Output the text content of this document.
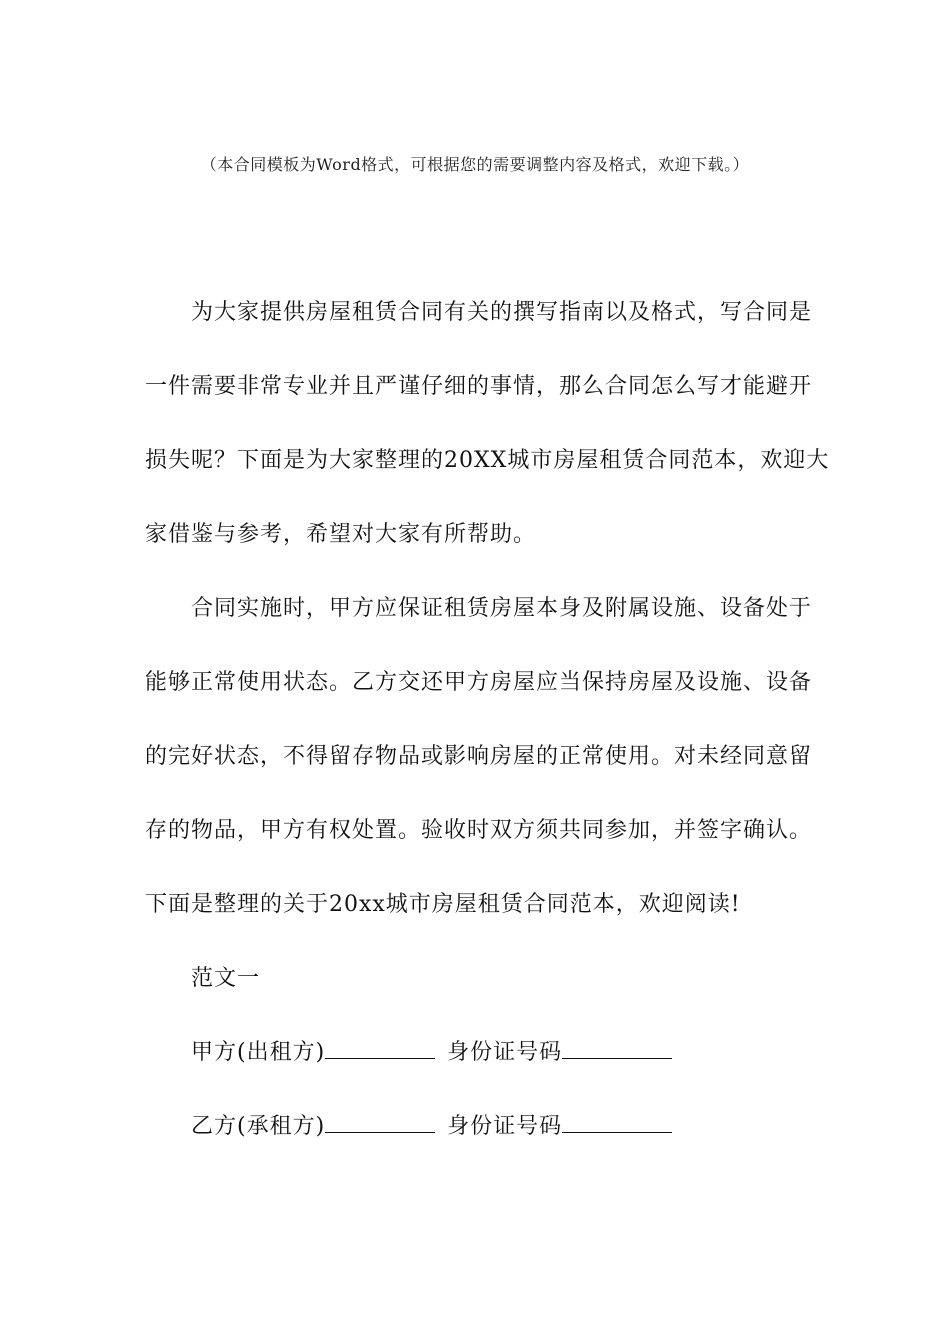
（本合同模板为Word格式，可根据您的需要调整内容及格式，欢迎下载。）

为大家提供房屋租赁合同有关的撰写指南以及格式，写合同是

一件需要非常专业并且严谨仔细的事情，那么合同怎么写才能避开
损失呢？下面是为大家整理的20XX城市房屋租赁合同范本，欢迎大
家借鉴与参考，希望对大家有所帮助。

合同实施时，甲方应保证租赁房屋本身及附属设施、设备处于

能够正常使用状态。乙方交还甲方房屋应当保持房屋及设施、设备
的完好状态，不得留存物品或影响房屋的正常使用。对未经同意留
存的物品，甲方有权处置。验收时双方须共同参加，并签字确认。
下面是整理的关于20xx城市房屋租赁合同范本，欢迎阅读!

范文一
甲方(出租方)	身份证号码
乙方(承租方)	身份证号码
